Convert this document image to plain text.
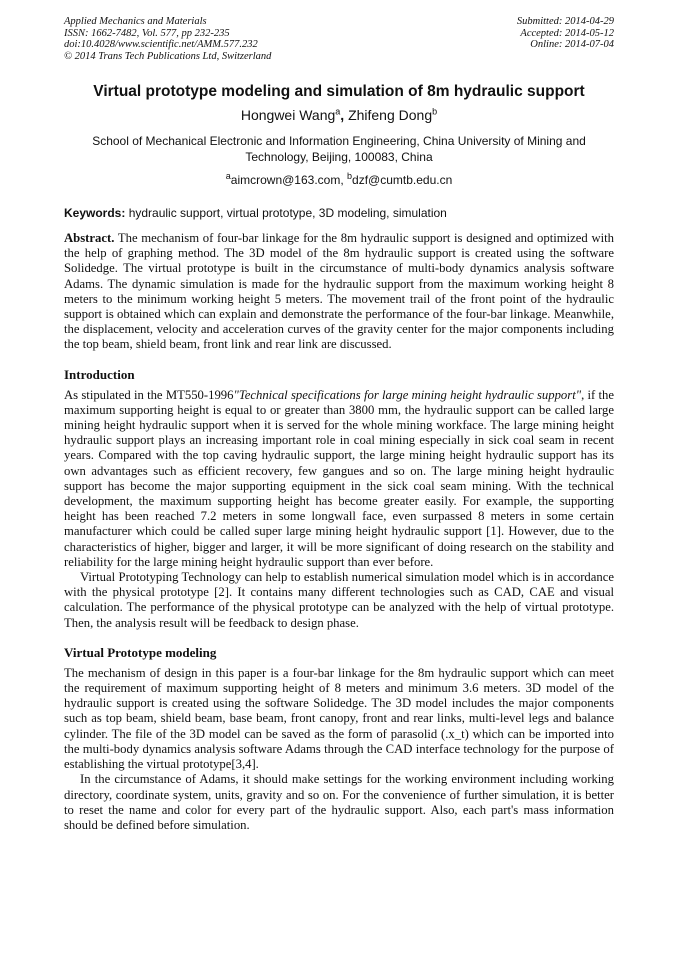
Applied Mechanics and Materials
ISSN: 1662-7482, Vol. 577, pp 232-235
doi:10.4028/www.scientific.net/AMM.577.232
© 2014 Trans Tech Publications Ltd, Switzerland
Submitted: 2014-04-29
Accepted: 2014-05-12
Online: 2014-07-04
Virtual prototype modeling and simulation of 8m hydraulic support
Hongwei Wang$^a$, Zhifeng Dong$^b$
School of Mechanical Electronic and Information Engineering, China University of Mining and Technology, Beijing, 100083, China
$^a$aimcrown@163.com, $^b$dzf@cumtb.edu.cn
Keywords: hydraulic support, virtual prototype, 3D modeling, simulation

Abstract. The mechanism of four-bar linkage for the 8m hydraulic support is designed and optimized with the help of graphing method. The 3D model of the 8m hydraulic support is created using the software Solidedge. The virtual prototype is built in the circumstance of multi-body dynamics analysis software Adams. The dynamic simulation is made for the hydraulic support from the maximum working height 8 meters to the minimum working height 5 meters. The movement trail of the front point of the hydraulic support is obtained which can explain and demonstrate the performance of the four-bar linkage. Meanwhile, the displacement, velocity and acceleration curves of the gravity center for the major components including the top beam, shield beam, front link and rear link are discussed.

Introduction

As stipulated in the MT550-1996"Technical specifications for large mining height hydraulic support", if the maximum supporting height is equal to or greater than 3800 mm, the hydraulic support can be called large mining height hydraulic support when it is served for the whole mining workface. The large mining height hydraulic support plays an increasing important role in coal mining especially in sick coal seam in recent years. Compared with the top caving hydraulic support, the large mining height hydraulic support has its own advantages such as efficient recovery, few gangues and so on. The large mining height hydraulic support has become the major supporting equipment in the sick coal seam mining. With the technical development, the maximum supporting height has become greater easily. For example, the supporting height has been reached 7.2 meters in some longwall face, even surpassed 8 meters in some certain manufacturer which could be called super large mining height hydraulic support [1]. However, due to the characteristics of higher, bigger and larger, it will be more significant of doing research on the stability and reliability for the large mining height hydraulic support than ever before.

Virtual Prototyping Technology can help to establish numerical simulation model which is in accordance with the physical prototype [2]. It contains many different technologies such as CAD, CAE and visual calculation. The performance of the physical prototype can be analyzed with the help of virtual prototype. Then, the analysis result will be feedback to design phase.

Virtual Prototype modeling

The mechanism of design in this paper is a four-bar linkage for the 8m hydraulic support which can meet the requirement of maximum supporting height of 8 meters and minimum 3.6 meters. 3D model of the hydraulic support is created using the software Solidedge. The 3D model includes the major components such as top beam, shield beam, base beam, front canopy, front and rear links, multi-level legs and balance cylinder. The file of the 3D model can be saved as the form of parasolid (.x_t) which can be imported into the multi-body dynamics analysis software Adams through the CAD interface technology for the purpose of establishing the virtual prototype[3,4].

In the circumstance of Adams, it should make settings for the working environment including working directory, coordinate system, units, gravity and so on. For the convenience of further simulation, it is better to reset the name and color for every part of the hydraulic support. Also, each part's mass information should be defined before simulation.
